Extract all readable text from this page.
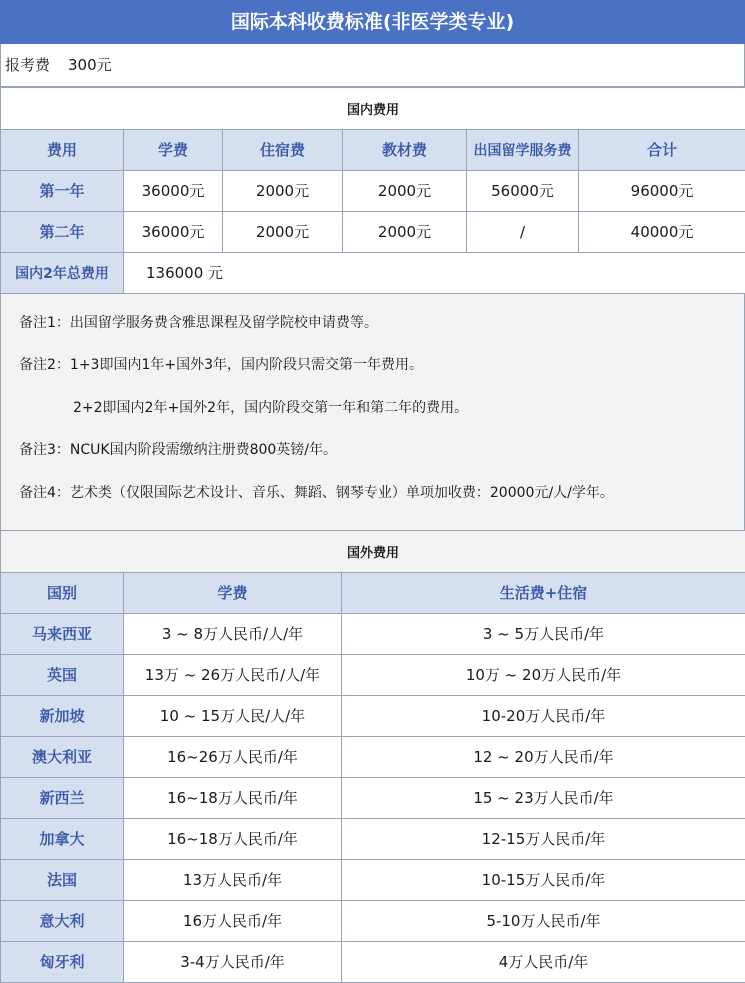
国际本科收费标准(非医学类专业)
报考费 300元
国内费用					
费用	学费	住宿费	教材费	出国留学服务费	合计
第一年	36000元	2000元	2000元	56000元	96000元
第二年	36000元	2000元	2000元	/	40000元
国内2年总费用	136000 元				

备注1：出国留学服务费含雅思课程及留学院校申请费等。

备注2：1+3即国内1年+国外3年，国内阶段只需交第一年费用。

2+2即国内2年+国外2年，国内阶段交第一年和第二年的费用。

备注3：NCUK国内阶段需缴纳注册费800英镑/年。

备注4：艺术类（仅限国际艺术设计、音乐、舞蹈、钢琴专业）单项加收费：20000元/人/学年。

国外费用		
国别	学费	生活费+住宿
马来西亚	3 ~ 8万人民币/人/年	3 ~ 5万人民币/年
英国	13万 ~ 26万人民币/人/年	10万 ~ 20万人民币/年
新加坡	10 ~ 15万人民/人/年	10-20万人民币/年
澳大利亚	16~26万人民币/年	12 ~ 20万人民币/年
新西兰	16~18万人民币/年	15 ~ 23万人民币/年
加拿大	16~18万人民币/年	12-15万人民币/年
法国	13万人民币/年	10-15万人民币/年
意大利	16万人民币/年	5-10万人民币/年
匈牙利	3-4万人民币/年	4万人民币/年
